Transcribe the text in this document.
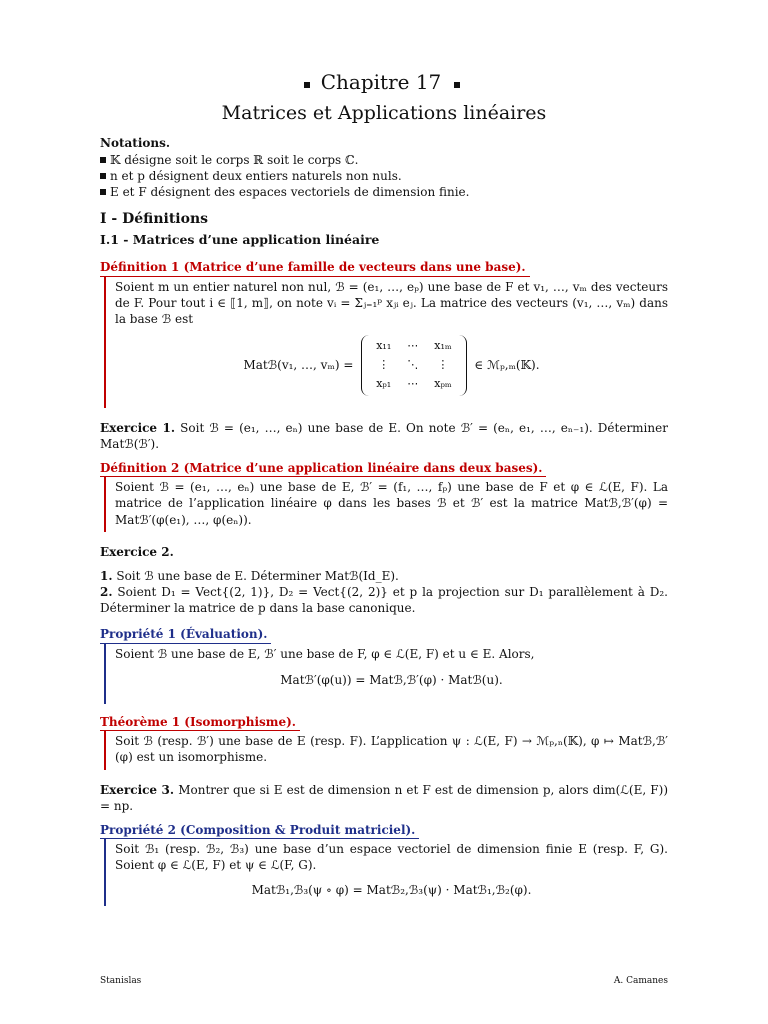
Chapitre 17
Matrices et Applications linéaires
Notations.
𝕂 désigne soit le corps ℝ soit le corps ℂ.
n et p désignent deux entiers naturels non nuls.
E et F désignent des espaces vectoriels de dimension finie.
I - Définitions
I.1 - Matrices d’une application linéaire
Définition 1 (Matrice d’une famille de vecteurs dans une base).
Soient m un entier naturel non nul, ℬ = (e₁, …, eₚ) une base de F et v₁, …, vₘ des vecteurs de F. Pour tout i ∈ ⟦1, m⟧, on note vᵢ = Σⱼ₌₁ᵖ xⱼᵢ eⱼ. La matrice des vecteurs (v₁, …, vₘ) dans la base ℬ est
Matℬ(v₁, …, vₘ) =
x₁₁	⋯	x₁ₘ
⋮	⋱	⋮
xₚ₁	⋯	xₚₘ
∈ ℳₚ,ₘ(𝕂).
Exercice 1. Soit ℬ = (e₁, …, eₙ) une base de E. On note ℬ′ = (eₙ, e₁, …, eₙ₋₁). Déterminer Matℬ(ℬ′).
Définition 2 (Matrice d’une application linéaire dans deux bases).
Soient ℬ = (e₁, …, eₙ) une base de E, ℬ′ = (f₁, …, fₚ) une base de F et φ ∈ ℒ(E, F). La matrice de l’application linéaire φ dans les bases ℬ et ℬ′ est la matrice Matℬ,ℬ′(φ) = Matℬ′(φ(e₁), …, φ(eₙ)).
Exercice 2.
1. Soit ℬ une base de E. Déterminer Matℬ(Id_E).
2. Soient D₁ = Vect{(2, 1)}, D₂ = Vect{(2, 2)} et p la projection sur D₁ parallèlement à D₂. Déterminer la matrice de p dans la base canonique.
Propriété 1 (Évaluation).
Soient ℬ une base de E, ℬ′ une base de F, φ ∈ ℒ(E, F) et u ∈ E. Alors,
Matℬ′(φ(u)) = Matℬ,ℬ′(φ) · Matℬ(u).
Théorème 1 (Isomorphisme).
Soit ℬ (resp. ℬ′) une base de E (resp. F). L’application ψ : ℒ(E, F) → ℳₚ,ₙ(𝕂), φ ↦ Matℬ,ℬ′(φ) est un isomorphisme.
Exercice 3. Montrer que si E est de dimension n et F est de dimension p, alors dim(ℒ(E, F)) = np.
Propriété 2 (Composition & Produit matriciel).
Soit ℬ₁ (resp. ℬ₂, ℬ₃) une base d’un espace vectoriel de dimension finie E (resp. F, G). Soient φ ∈ ℒ(E, F) et ψ ∈ ℒ(F, G).
Matℬ₁,ℬ₃(ψ ∘ φ) = Matℬ₂,ℬ₃(ψ) · Matℬ₁,ℬ₂(φ).
Stanislas	A. Camanes
